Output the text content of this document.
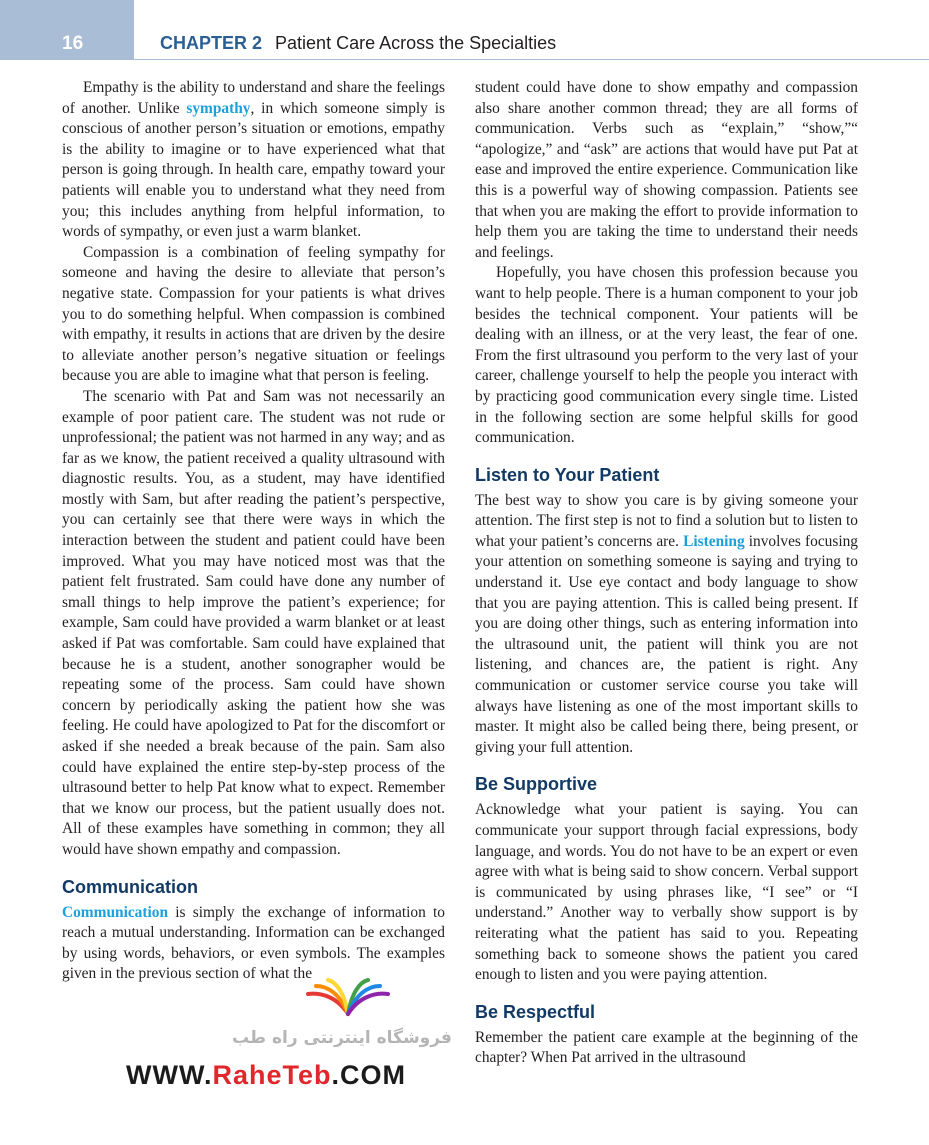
16	CHAPTER 2 Patient Care Across the Specialties

Empathy is the ability to understand and share the feelings of another. Unlike sympathy, in which someone simply is conscious of another person’s situation or emotions, empathy is the ability to imagine or to have experienced what that person is going through. In health care, empathy toward your patients will enable you to understand what they need from you; this includes anything from helpful information, to words of sympathy, or even just a warm blanket.

Compassion is a combination of feeling sympathy for someone and having the desire to alleviate that person’s negative state. Compassion for your patients is what drives you to do something helpful. When compassion is combined with empathy, it results in actions that are driven by the desire to alleviate another person’s negative situation or feelings because you are able to imagine what that person is feeling.

The scenario with Pat and Sam was not necessarily an example of poor patient care. The student was not rude or unprofessional; the patient was not harmed in any way; and as far as we know, the patient received a quality ultrasound with diagnostic results. You, as a student, may have identified mostly with Sam, but after reading the patient’s perspective, you can certainly see that there were ways in which the interaction between the student and patient could have been improved. What you may have noticed most was that the patient felt frustrated. Sam could have done any number of small things to help improve the patient’s experience; for example, Sam could have provided a warm blanket or at least asked if Pat was comfortable. Sam could have explained that because he is a student, another sonographer would be repeating some of the process. Sam could have shown concern by periodically asking the patient how she was feeling. He could have apologized to Pat for the discomfort or asked if she needed a break because of the pain. Sam also could have explained the entire step-by-step process of the ultrasound better to help Pat know what to expect. Remember that we know our process, but the patient usually does not. All of these examples have something in common; they all would have shown empathy and compassion.

Communication

Communication is simply the exchange of information to reach a mutual understanding. Information can be exchanged by using words, behaviors, or even symbols. The examples given in the previous section of what the

student could have done to show empathy and compassion also share another common thread; they are all forms of communication. Verbs such as “explain,” “show,”“ “apologize,” and “ask” are actions that would have put Pat at ease and improved the entire experience. Communication like this is a powerful way of showing compassion. Patients see that when you are making the effort to provide information to help them you are taking the time to understand their needs and feelings.

Hopefully, you have chosen this profession because you want to help people. There is a human component to your job besides the technical component. Your patients will be dealing with an illness, or at the very least, the fear of one. From the first ultrasound you perform to the very last of your career, challenge yourself to help the people you interact with by practicing good communication every single time. Listed in the following section are some helpful skills for good communication.

Listen to Your Patient

The best way to show you care is by giving someone your attention. The first step is not to find a solution but to listen to what your patient’s concerns are. Listening involves focusing your attention on something someone is saying and trying to understand it. Use eye contact and body language to show that you are paying attention. This is called being present. If you are doing other things, such as entering information into the ultrasound unit, the patient will think you are not listening, and chances are, the patient is right. Any communication or customer service course you take will always have listening as one of the most important skills to master. It might also be called being there, being present, or giving your full attention.

Be Supportive

Acknowledge what your patient is saying. You can communicate your support through facial expressions, body language, and words. You do not have to be an expert or even agree with what is being said to show concern. Verbal support is communicated by using phrases like, “I see” or “I understand.” Another way to verbally show support is by reiterating what the patient has said to you. Repeating something back to someone shows the patient you cared enough to listen and you were paying attention.

Be Respectful

Remember the patient care example at the beginning of the chapter? When Pat arrived in the ultrasound

فروشگاه اینترنتی راه طب
WWW.RaheTeb.COM
